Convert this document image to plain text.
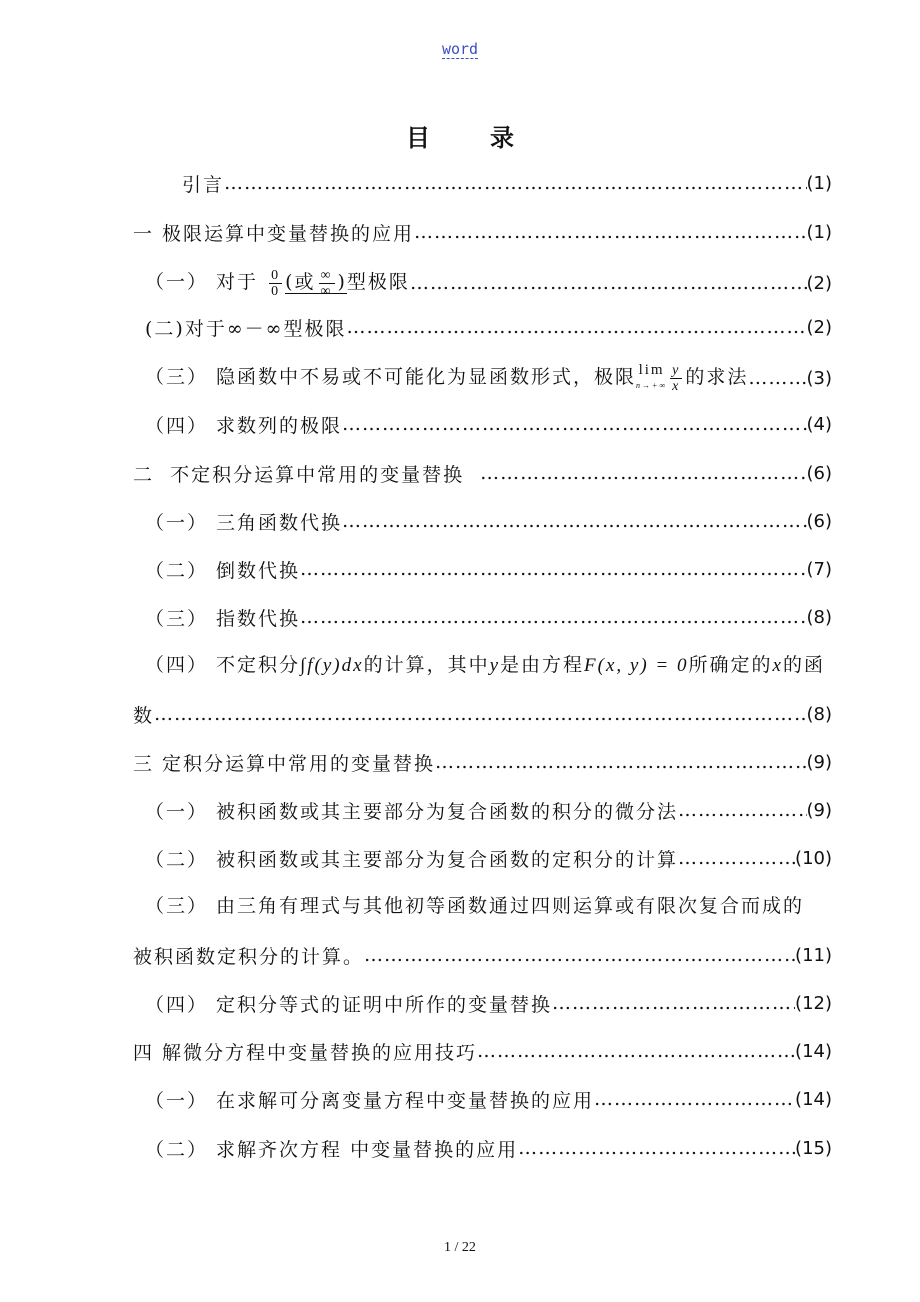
word
目录
引言 ………………………………………………………………………………………………………………………………………………………………	(1)
一 极限运算中变量替换的应用 ………………………………………………………………………………………………………………………………………………………………	(1)
（一） 对于 $\frac{0}{0}$ (或 $\frac{\infty}{\infty}$ )型极限 ………………………………………………………………………………………………………………………………………………………………	(2)
(二)对于∞－∞型极限 ………………………………………………………………………………………………………………………………………………………………	(2)
（三） 隐函数中不易或不可能化为显函数形式，极限 lim
$n\to+\infty \frac{y}{x}$ 的求法 ………………………………………………………………………………………………………………………………………………………………	(3)
（四） 求数列的极限 ………………………………………………………………………………………………………………………………………………………………	(4)
二  不定积分运算中常用的变量替换 ………………………………………………………………………………………………………………………………………………………………	(6)
（一） 三角函数代换 ………………………………………………………………………………………………………………………………………………………………	(6)
（二） 倒数代换 ………………………………………………………………………………………………………………………………………………………………	(7)
（三） 指数代换 ………………………………………………………………………………………………………………………………………………………………	(8)
（四） 不定积分∫f(y)dx的计算，其中y是由方程F(x, y) = 0所确定的x的函
数 ………………………………………………………………………………………………………………………………………………………………	(8)
三 定积分运算中常用的变量替换 ………………………………………………………………………………………………………………………………………………………………	(9)
（一） 被积函数或其主要部分为复合函数的积分的微分法 ………………………………………………………………………………………………………………………………………………………………	(9)
（二） 被积函数或其主要部分为复合函数的定积分的计算 ………………………………………………………………………………………………………………………………………………………………	(10)
（三） 由三角有理式与其他初等函数通过四则运算或有限次复合而成的
被积函数定积分的计算。 ………………………………………………………………………………………………………………………………………………………………	(11)
（四） 定积分等式的证明中所作的变量替换 ………………………………………………………………………………………………………………………………………………………………	(12)
四 解微分方程中变量替换的应用技巧 ………………………………………………………………………………………………………………………………………………………………	(14)
（一） 在求解可分离变量方程中变量替换的应用 ………………………………………………………………………………………………………………………………………………………………	(14)
（二） 求解齐次方程 中变量替换的应用 ………………………………………………………………………………………………………………………………………………………………	(15)
1 / 22
